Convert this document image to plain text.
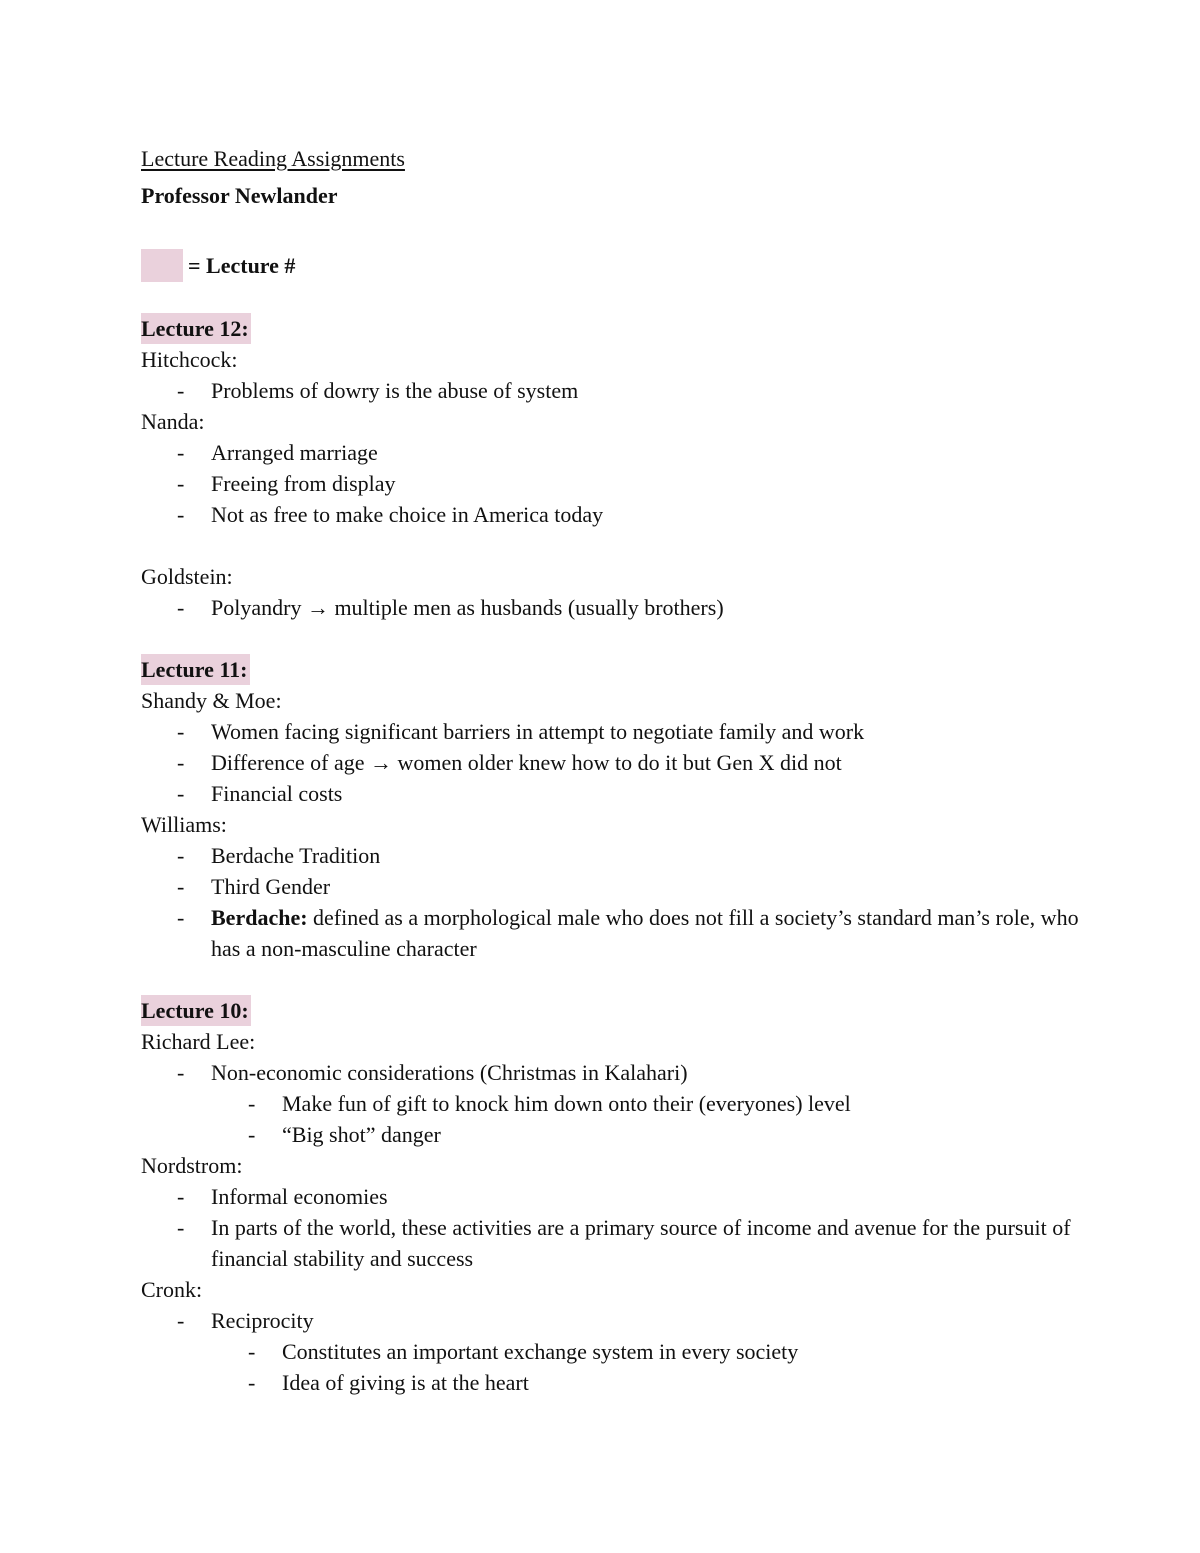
Lecture Reading Assignments
Professor Newlander
= Lecture #
Lecture 12:
Hitchcock:
- Problems of dowry is the abuse of system
Nanda:
- Arranged marriage
- Freeing from display
- Not as free to make choice in America today
Goldstein:
- Polyandry → multiple men as husbands (usually brothers)
Lecture 11:
Shandy & Moe:
- Women facing significant barriers in attempt to negotiate family and work
- Difference of age → women older knew how to do it but Gen X did not
- Financial costs
Williams:
- Berdache Tradition
- Third Gender
- Berdache: defined as a morphological male who does not fill a society’s standard man’s role, who has a non-masculine character
Lecture 10:
Richard Lee:
- Non-economic considerations (Christmas in Kalahari)
- Make fun of gift to knock him down onto their (everyones) level
- “Big shot” danger
Nordstrom:
- Informal economies
- In parts of the world, these activities are a primary source of income and avenue for the pursuit of financial stability and success
Cronk:
- Reciprocity
- Constitutes an important exchange system in every society
- Idea of giving is at the heart
